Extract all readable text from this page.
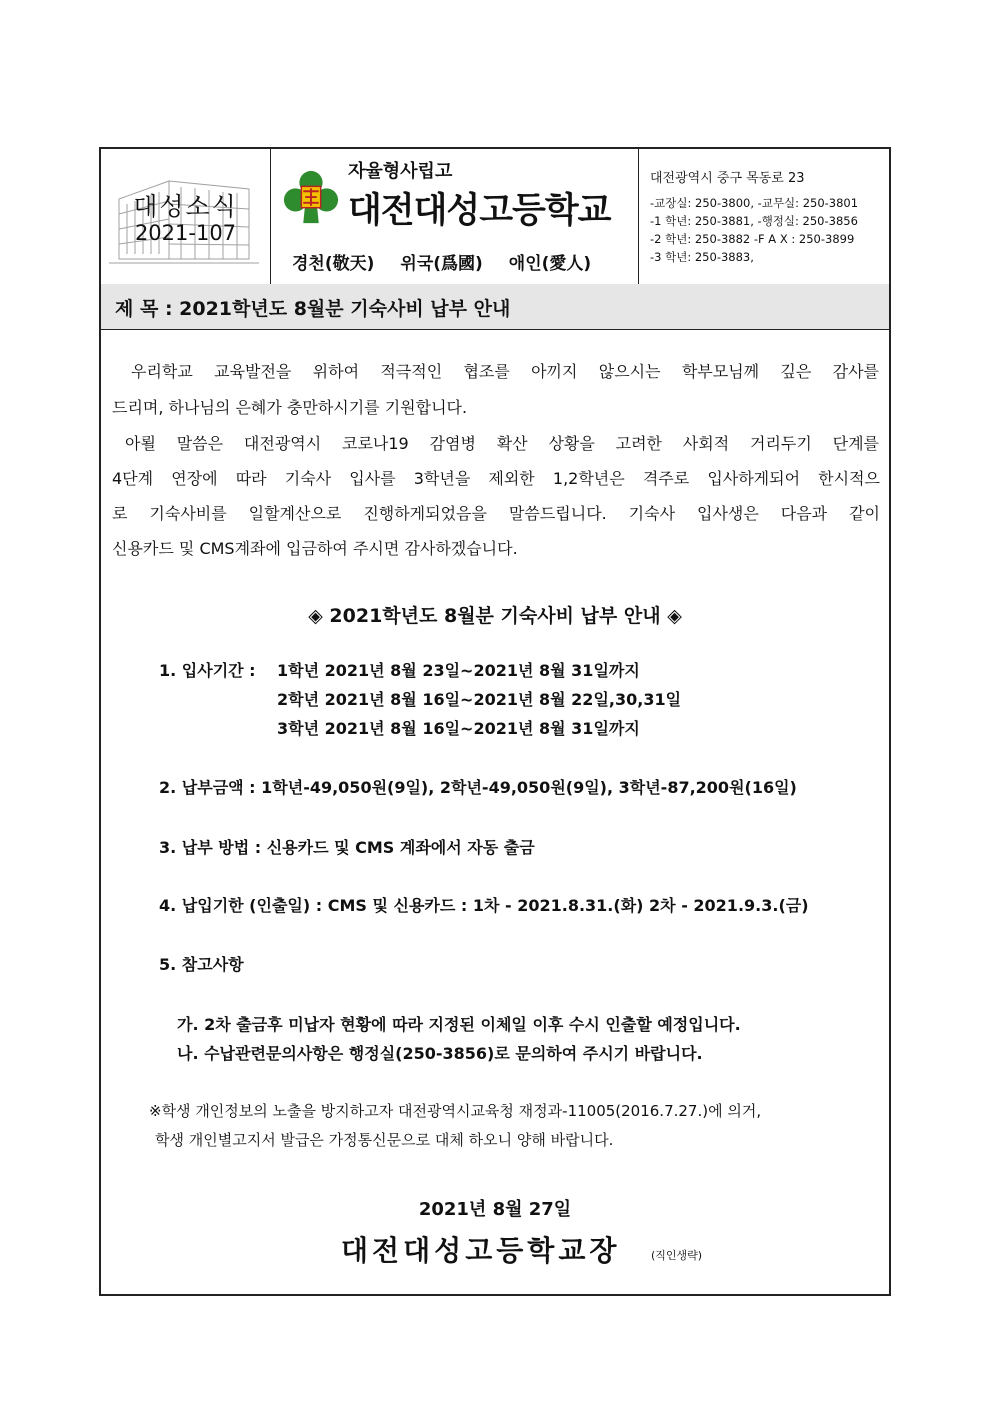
대성소식
2021-107
자율형사립고
대전대성고등학교
경천(敬天) 위국(爲國) 애인(愛人)
대전광역시 중구 목동로 23
-교장실: 250-3800, -교무실: 250-3801
-1 학년: 250-3881, -행정실: 250-3856
-2 학년: 250-3882 -F A X : 250-3899
-3 학년: 250-3883,
제 목 : 2021학년도 8월분 기숙사비 납부 안내
우리학교 교육발전을 위하여 적극적인 협조를 아끼지 않으시는 학부모님께 깊은 감사를
드리며, 하나님의 은혜가 충만하시기를 기원합니다.
아뢸 말씀은 대전광역시 코로나19 감염병 확산 상황을 고려한 사회적 거리두기 단계를
4단계 연장에 따라 기숙사 입사를 3학년을 제외한 1,2학년은 격주로 입사하게되어 한시적으
로 기숙사비를 일할계산으로 진행하게되었음을 말씀드립니다. 기숙사 입사생은 다음과 같이
신용카드 및 CMS계좌에 입금하여 주시면 감사하겠습니다.
◈ 2021학년도 8월분 기숙사비 납부 안내 ◈
1. 입사기간 : 1학년 2021년 8월 23일~2021년 8월 31일까지
2학년 2021년 8월 16일~2021년 8월 22일,30,31일
3학년 2021년 8월 16일~2021년 8월 31일까지
2. 납부금액 : 1학년-49,050원(9일), 2학년-49,050원(9일), 3학년-87,200원(16일)
3. 납부 방법 : 신용카드 및 CMS 계좌에서 자동 출금
4. 납입기한 (인출일) : CMS 및 신용카드 : 1차 - 2021.8.31.(화) 2차 - 2021.9.3.(금)
5. 참고사항
가. 2차 출금후 미납자 현황에 따라 지정된 이체일 이후 수시 인출할 예정입니다.
나. 수납관련문의사항은 행정실(250-3856)로 문의하여 주시기 바랍니다.
※학생 개인정보의 노출을 방지하고자 대전광역시교육청 재정과-11005(2016.7.27.)에 의거,
학생 개인별고지서 발급은 가정통신문으로 대체 하오니 양해 바랍니다.
2021년 8월 27일
대전대성고등학교장	(직인생략)
